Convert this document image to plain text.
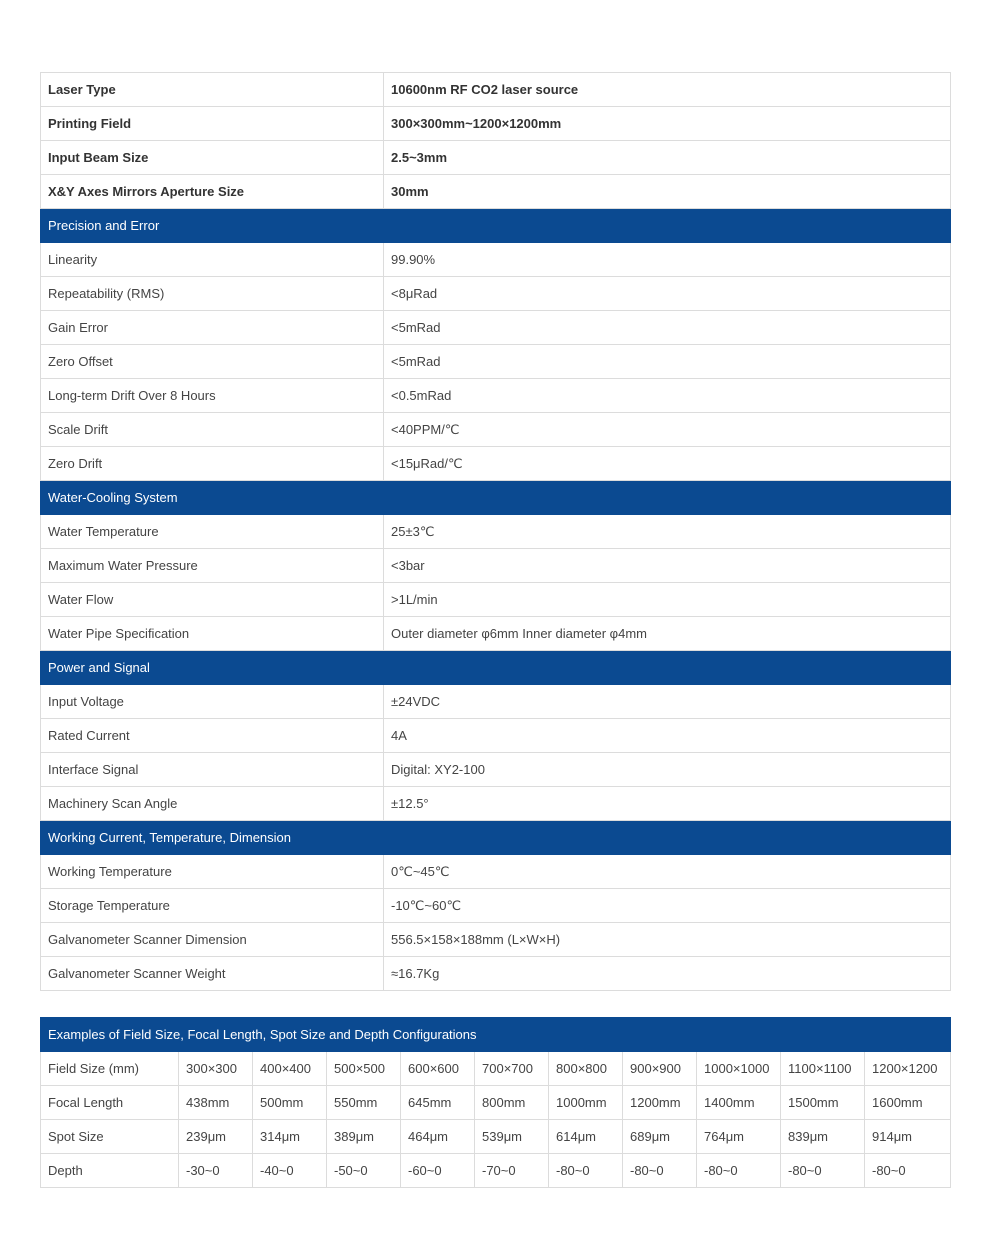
Laser Type	10600nm RF CO2 laser source
Printing Field	300×300mm~1200×1200mm
Input Beam Size	2.5~3mm
X&Y Axes Mirrors Aperture Size	30mm
Precision and Error	
Linearity	99.90%
Repeatability (RMS)	<8μRad
Gain Error	<5mRad
Zero Offset	<5mRad
Long-term Drift Over 8 Hours	<0.5mRad
Scale Drift	<40PPM/℃
Zero Drift	<15μRad/℃
Water-Cooling System	
Water Temperature	25±3℃
Maximum Water Pressure	<3bar
Water Flow	>1L/min
Water Pipe Specification	Outer diameter φ6mm Inner diameter φ4mm
Power and Signal	
Input Voltage	±24VDC
Rated Current	4A
Interface Signal	Digital: XY2-100
Machinery Scan Angle	±12.5°
Working Current, Temperature, Dimension	
Working Temperature	0℃~45℃
Storage Temperature	-10℃~60℃
Galvanometer Scanner Dimension	556.5×158×188mm (L×W×H)
Galvanometer Scanner Weight	≈16.7Kg
Examples of Field Size, Focal Length, Spot Size and Depth Configurations										
Field Size (mm)	300×300	400×400	500×500	600×600	700×700	800×800	900×900	1000×1000	1100×1100	1200×1200
Focal Length	438mm	500mm	550mm	645mm	800mm	1000mm	1200mm	1400mm	1500mm	1600mm
Spot Size	239μm	314μm	389μm	464μm	539μm	614μm	689μm	764μm	839μm	914μm
Depth	-30~0	-40~0	-50~0	-60~0	-70~0	-80~0	-80~0	-80~0	-80~0	-80~0
